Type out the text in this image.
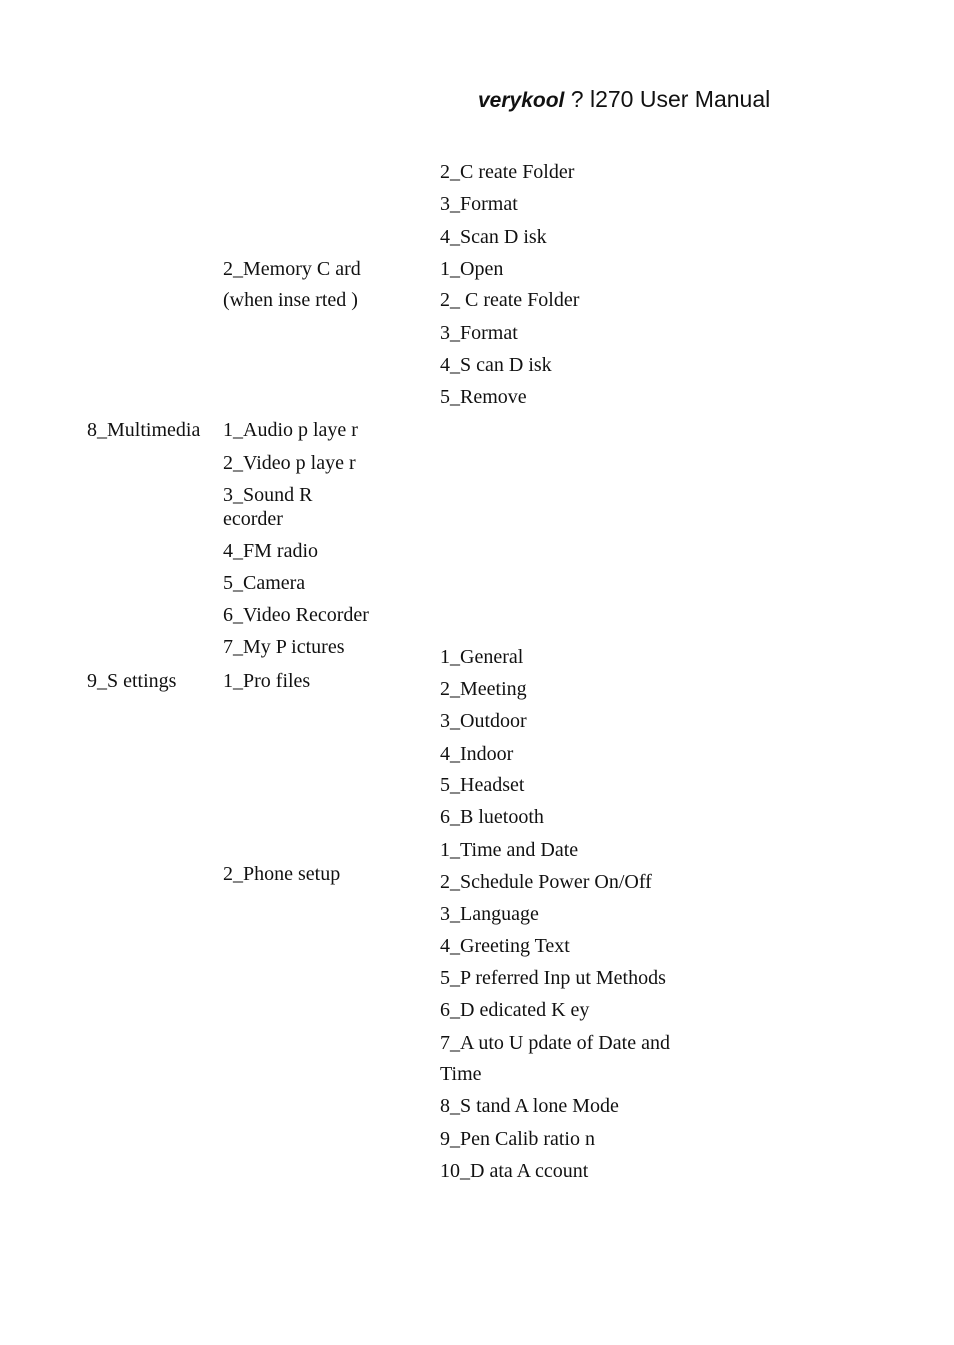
verykool ? l270 User Manual
8_Multimedia
9_S ettings
2_Memory C ard
(when inse rted )
1_Audio p laye r
2_Video p laye r
3_Sound R
ecorder
4_FM radio
5_Camera
6_Video Recorder
7_My P ictures
1_Pro files
2_Phone setup
2_C reate Folder
3_Format
4_Scan D isk
1_Open
2_ C reate Folder
3_Format
4_S can D isk
5_Remove
1_General
2_Meeting
3_Outdoor
4_Indoor
5_Headset
6_B luetooth
1_Time and Date
2_Schedule Power On/Off
3_Language
4_Greeting Text
5_P referred Inp ut Methods
6_D edicated K ey
7_A uto U pdate of Date and
Time
8_S tand A lone Mode
9_Pen Calib ratio n
10_D ata A ccount
